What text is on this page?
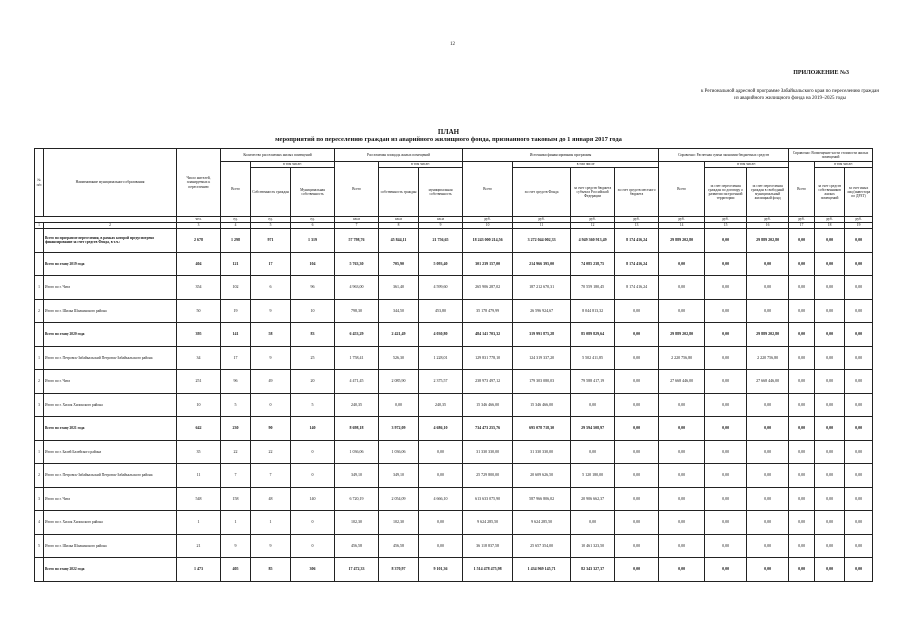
12
ПРИЛОЖЕНИЕ №3
к Региональной адресной программе Забайкальского края по переселению граждан из аварийного жилищного фонда на 2019–2025 годы
ПЛАН
мероприятий по переселению граждан из аварийного жилищного фонда, признанного таковым до 1 января 2017 года
№ п/п	Наименование муниципального образования	Число жителей, планируемых к переселению	Количество расселяемых жилых помещений			Расселяемая площадь жилых помещений			Источники финансирования программы				Справочно: Расчетная сумма экономии бюджетных средств			Справочно: Возмещение части стоимости жилых помещений		

			Всего	в том числе:		Всего	в том числе:		Всего	в том числе			Всего	в том числе:		Всего	в том числе:	
				Собственность граждан	Муниципальная собственность		собственность граждан	муниципальная собственность		за счет средств Фонда	за счет средств бюджета субъекта Российской Федерации	за счет средств местного бюджета		за счет переселения граждан по договору о развитии застроенной территории	за счет переселения граждан в свободный муниципальный жилищный фонд		за счет средств собственников жилых помещений	за счет иных лиц (инвестора по ДРЗТ)
		чел.	ед.	ед.	ед.	кв.м	кв.м	кв.м	руб.	руб.	руб.	руб.	руб.	руб.	руб.	руб.	руб.	руб.
1	2	3	4	5	6	7	8	9	10	11	12	13	14	15	16	17	18	19
	Всего по программе переселения, в рамках которой предусмотрено финансирование за счет средств Фонда, в т.ч.:	2 678	1 298	971	1 319	57 798,76	45 844,11	21 756,65	18 243 000 214,56	3 272 044 002,33	4 949 360 913,49	8 174 416,24	29 889 202,80	0,00	29 889 202,80	0,00	0,00	0,00
	Всего по этапу 2019 года	404	121	17	104	5 763,30	705,90	5 093,40	301 239 157,00	214 966 395,00	74 085 238,75	8 174 416,24	0,00	0,00	0,00	0,00	0,00	0,00
1	Итого по г. Чита	354	102	6	96	4 963,00	361,40	4 599,60	265 906 287,02	187 212 670,31	70 559 180,45	8 174 416,24	0,00	0,00	0,00	0,00	0,00	0,00
2	Итого по г. Шилка Шилкинского района	50	19	9	10	798,30	344,50	453,80	35 178 479,99	26 596 924,67	8 044 813,32	0,00	0,00	0,00	0,00	0,00	0,00	0,00
	Всего по этапу 2020 года	395	141	58	83	6 453,29	2 421,49	4 030,80	484 141 703,32	319 991 875,28	85 089 829,64	0,00	29 889 202,80	0,00	29 889 202,80	0,00	0,00	0,00
1	Итого по г. Петровск-Забайкальский Петровск-Забайкальского района	34	17	9	25	1 758,41	526,30	1 228,01	129 831 778,10	124 319 337,20	5 502 411,85	0,00	2 220 756,80	0,00	2 220 756,80	0,00	0,00	0,00
2	Итого по г. Чита	251	96	49	20	4 471,45	2 085,90	2 375,57	238 973 497,12	179 303 080,03	79 588 417,19	0,00	27 668 446,00	0,00	27 668 446,00	0,00	0,00	0,00
3	Итого по г. Хилок Хилокского района	10	5	0	5	240,35	0,00	240,35	15 346 466,00	15 346 466,00	0,00	0,00	0,00	0,00	0,00	0,00	0,00	0,00
	Всего по этапу 2021 года	642	230	90	140	8 698,18	3 972,09	4 686,10	734 473 255,76	695 078 718,30	29 594 508,97	0,00	0,00	0,00	0,00	0,00	0,00	0,00
1	Итого по г. Балей Балейского района	35	22	22	0	1 036,06	1 036,06	0,00	31 330 330,00	31 330 330,00	0,00	0,00	0,00	0,00	0,00	0,00	0,00	0,00
2	Итого по г. Петровск-Забайкальский Петровск-Забайкальского района	11	7	7	0	349,10	349,10	0,00	25 729 800,00	20 609 626,50	5 120 180,00	0,00	0,00	0,00	0,00	0,00	0,00	0,00
3	Итого по г. Чита	548	158	48	140	6 720,19	2 054,09	4 666,10	613 633 075,90	587 966 806,02	20 906 662,37	0,00	0,00	0,00	0,00	0,00	0,00	0,00
4	Итого по г. Хилок Хилокского района	1	1	1	0	102,30	102,30	0,00	9 624 285,50	9 624 285,50	0,00	0,00	0,00	0,00	0,00	0,00	0,00	0,00
5	Итого по г. Шилка Шилкинского района	21	9	9	0	456,58	456,58	0,00	36 118 837,58	25 657 354,00	10 461 323,50	0,00	0,00	0,00	0,00	0,00	0,00	0,00
	Всего по этапу 2022 года	1 473	405	85	306	17 472,33	8 370,97	9 101,36	1 514 478 475,98	1 434 969 145,71	82 343 327,37	0,00	0,00	0,00	0,00	0,00	0,00	0,00
